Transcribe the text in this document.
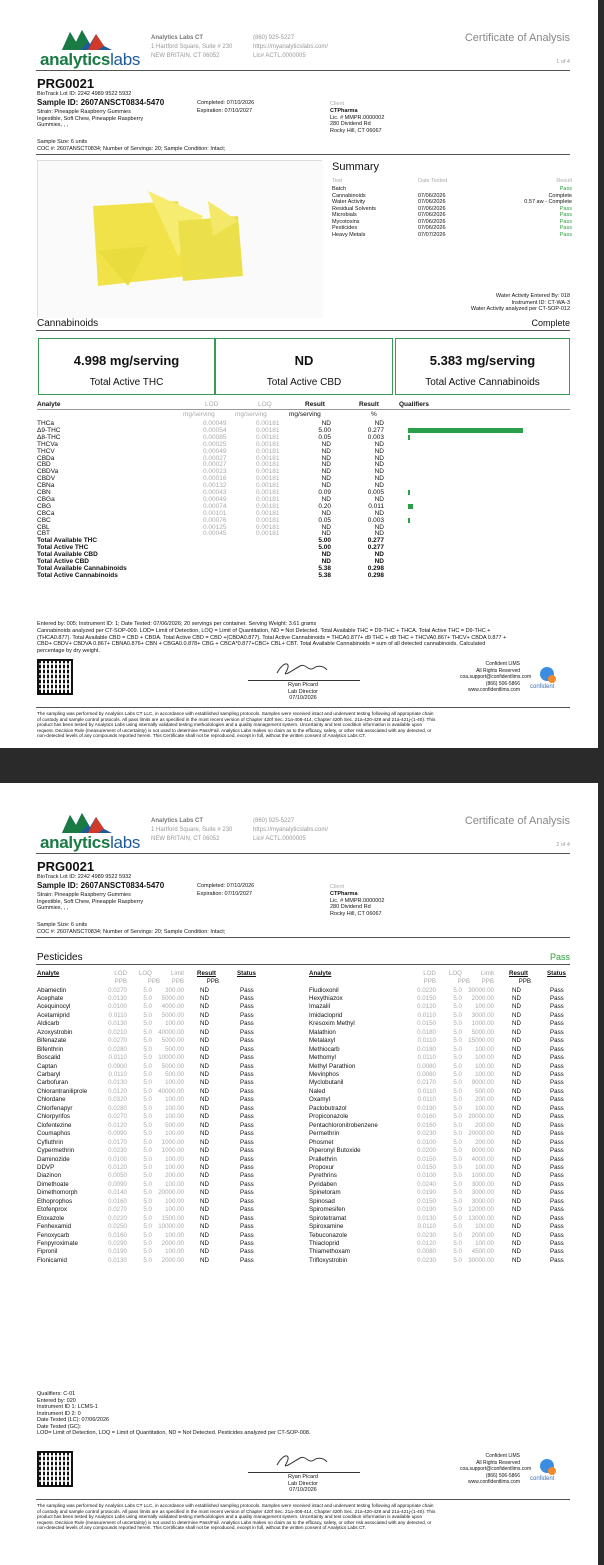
analyticslabs
Analytics Labs CT
1 Hartford Square, Suite # 230
NEW BRITAIN, CT 06052
(860) 925-5227
https://myanalyticslabs.com/
Lic# ACTL.0000005
Certificate of Analysis
1 of 4
PRG0021
BioTrack Lot ID: 2242 4989 9522 5932
Sample ID: 2607ANSCT0834-5470	Completed: 07/10/2026
Expiration: 07/10/2027
Strain: Pineapple Raspberry Gummies
Ingestible, Soft Chew, Pineapple Raspberry
Gummies, , ,
Sample Size: 6 units
COC #: 2607ANSCT0834; Number of Servings: 20; Sample Condition: Intact;
Client
CTPharma
Lic. # MMPR.0000002
280 Dividend Rd
Rocky Hill, CT 06067
Summary
Test	Date Tested	Result
Batch	Pass
Cannabinoids	07/06/2026	Complete
Water Activity	07/06/2026	0.57 aw - Complete
Residual Solvents	07/06/2026	Pass
Microbials	07/06/2026	Pass
Mycotoxins	07/06/2026	Pass
Pesticides	07/06/2026	Pass
Heavy Metals	07/07/2026	Pass
Water Activity Entered By: 018
Instrument ID: CT-WA-3
Water Activity analyzed per CT-SOP-012
Cannabinoids	Complete
4.998 mg/serving
Total Active THC
ND
Total Active CBD
5.383 mg/serving
Total Active Cannabinoids
Analyte	LOD	LOQ	Result	Result	Qualifiers
mg/serving	mg/serving	mg/serving	%
THCa	0.00049	0.00181	ND	ND
Δ9-THC	0.00054	0.00181	5.00	0.277
Δ8-THC	0.00085	0.00181	0.05	0.003
THCVa	0.00025	0.00181	ND	ND
THCV	0.00049	0.00181	ND	ND
CBDa	0.00027	0.00181	ND	ND
CBD	0.00027	0.00181	ND	ND
CBDVa	0.00023	0.00181	ND	ND
CBDV	0.00016	0.00181	ND	ND
CBNa	0.00132	0.00181	ND	ND
CBN	0.00043	0.00181	0.09	0.005
CBGa	0.00049	0.00181	ND	ND
CBG	0.00074	0.00181	0.20	0.011
CBCa	0.00101	0.00181	ND	ND
CBC	0.00076	0.00181	0.05	0.003
CBL	0.00125	0.00181	ND	ND
CBT	0.00045	0.00181	ND	ND
Total Available THC	5.00	0.277
Total Active THC	5.00	0.277
Total Available CBD	ND	ND
Total Active CBD	ND	ND
Total Available Cannabinoids	5.38	0.298
Total Active Cannabinoids	5.38	0.298
Entered by: 005; Instrument ID: 1; Date Tested: 07/06/2026; 20 servings per container. Serving Weight: 3.61 grams
Cannabinoids analyzed per CT-SOP-009. LOD= Limit of Detection, LOQ = Limit of Quantitation, ND = Not Detected. Total Available THC = D9-THC + THCA. Total Active THC = D9-THC +
(THCA0.877). Total Available CBD = CBD + CBDA. Total Active CBD = CBD +(CBDA0.877). Total Active Cannabinoids = THCA0.877+ d9 THC + d8 THC + THCVA0.867+ THCV+ CBDA 0.877 +
CBD+ CBDV+ CBDVA 0.867+ CBNA0.876+ CBN + CBGA0.0.878+ CBG + CBCA*0.877+CBC+ CBL+ CBT. Total Available Cannabinoids = sum of all detected cannabinoids. Calculated
percentage by dry weight.
Ryan Picard
Lab Director
07/10/2026
Confident LIMS
All Rights Reserved
coa.support@confidentlims.com
(866) 506-5866
www.confidentlims.com confident
The sampling was performed by Analytics Labs CT LLC, in accordance with established sampling protocols. Samples were received intact and underwent testing following all appropriate chain
of custody and sample control protocols. All pass limits are as specified in the most recent version of Chapter 420f Sec. 21a-408-414, Chapter 420h Sec. 21a-420-429 and 21a-421j-(1-40). This
product has been tested by Analytics Labs using internally validated testing methodologies and a quality management system. Uncertainty and test condition information is available upon
request. Decision Rule (measurement of uncertainty) is not used to determine Pass/Fail. Analytics Labs makes no claim as to the efficacy, safety, or other risk associated with any detected, or
non-detected levels of any compounds reported herein. This Certificate shall not be reproduced, except in full, without the written consent of Analytics Labs CT.
analyticslabs
Analytics Labs CT
1 Hartford Square, Suite # 230
NEW BRITAIN, CT 06052
(860) 925-5227
https://myanalyticslabs.com/
Lic# ACTL.0000005
Certificate of Analysis
2 of 4
PRG0021
BioTrack Lot ID: 2242 4989 9522 5932
Sample ID: 2607ANSCT0834-5470	Completed: 07/10/2026
Expiration: 07/10/2027
Strain: Pineapple Raspberry Gummies
Ingestible, Soft Chew, Pineapple Raspberry
Gummies, , ,
Sample Size: 6 units
COC #: 2607ANSCT0834; Number of Servings: 20; Sample Condition: Intact;
Client
CTPharma
Lic. # MMPR.0000002
280 Dividend Rd
Rocky Hill, CT 06067
Pesticides	Pass
Analyte	LOD LOQ	Limit Result	Status
PPB	PPB	PPB	PPB
Abamectin	0.0270	5.0	300.00	ND	Pass
Acephate	0.0130	5.0	5000.00	ND	Pass
Acequinocyl	0.0100	5.0	4000.00	ND	Pass
Acetamiprid	0.0110	5.0	5000.00	ND	Pass
Aldicarb	0.0130	5.0	100.00	ND	Pass
Azoxystrobin	0.0210	5.0 40000.00	ND	Pass
Bifenazate	0.0270	5.0	5000.00	ND	Pass
Bifenthrin	0.0280	5.0	500.00	ND	Pass
Boscalid	0.0110	5.0 10000.00	ND	Pass
Captan	0.0900	5.0	5000.00	ND	Pass
Carbaryl	0.0110	5.0	500.00	ND	Pass
Carbofuran	0.0130	5.0	100.00	ND	Pass
Chlorantraniliprole	0.0120	5.0 40000.00	ND	Pass
Chlordane	0.0320	5.0	100.00	ND	Pass
Chlorfenapyr	0.0280	5.0	100.00	ND	Pass
Chlorpyrifos	0.0270	5.0	100.00	ND	Pass
Clofentezine	0.0120	5.0	500.00	ND	Pass
Coumaphos	0.0090	5.0	100.00	ND	Pass
Cyfluthrin	0.0170	5.0	1000.00	ND	Pass
Cypermethrin	0.0230	5.0	1000.00	ND	Pass
Daminozide	0.0100	5.0	100.00	ND	Pass
DDVP	0.0120	5.0	100.00	ND	Pass
Diazinon	0.0050	5.0	200.00	ND	Pass
Dimethoate	0.0090	5.0	100.00	ND	Pass
Dimethomorph	0.0140	5.0 20000.00	ND	Pass
Ethoprophos	0.0160	5.0	100.00	ND	Pass
Etofenprox	0.0270	5.0	100.00	ND	Pass
Etoxazole	0.0220	5.0	1500.00	ND	Pass
Fenhexamid	0.0250	5.0 10000.00	ND	Pass
Fenoxycarb	0.0160	5.0	100.00	ND	Pass
Fenpyroximate	0.0290	5.0	2000.00	ND	Pass
Fipronil	0.0190	5.0	100.00	ND	Pass
Flonicamid	0.0130	5.0	2000.00	ND	Pass
Analyte	LOD LOQ	Limit Result	Status
PPB	PPB	PPB	PPB
Fludioxonil	0.0220	5.0 30000.00	ND	Pass
Hexythiazox	0.0150	5.0	2000.00	ND	Pass
Imazalil	0.0120	5.0	100.00	ND	Pass
Imidacloprid	0.0110	5.0	3000.00	ND	Pass
Kresoxim Methyl	0.0150	5.0	1000.00	ND	Pass
Malathion	0.0180	5.0	5000.00	ND	Pass
Metalaxyl	0.0110	5.0 15000.00	ND	Pass
Methiocarb	0.0180	5.0	100.00	ND	Pass
Methomyl	0.0110	5.0	100.00	ND	Pass
Methyl Parathion	0.0080	5.0	100.00	ND	Pass
Mevinphos	0.0080	5.0	100.00	ND	Pass
Myclobutanil	0.0170	5.0	9000.00	ND	Pass
Naled	0.0110	5.0	500.00	ND	Pass
Oxamyl	0.0110	5.0	200.00	ND	Pass
Paclobutrazol	0.0190	5.0	100.00	ND	Pass
Propiconazole	0.0160	5.0 20000.00	ND	Pass
Pentachloronitrobenzene	0.0160	5.0	200.00	ND	Pass
Permethrin	0.0230	5.0 20000.00	ND	Pass
Phosmet	0.0100	5.0	200.00	ND	Pass
Piperonyl Butoxide	0.0200	5.0	8000.00	ND	Pass
Prallethrin	0.0150	5.0	4000.00	ND	Pass
Propoxur	0.0150	5.0	100.00	ND	Pass
Pyrethrins	0.0100	5.0	1000.00	ND	Pass
Pyridaben	0.0240	5.0	3000.00	ND	Pass
Spinetoram	0.0190	5.0	3000.00	ND	Pass
Spinosad	0.0150	5.0	3000.00	ND	Pass
Spiromesifen	0.0190	5.0 12000.00	ND	Pass
Spirotetramat	0.0130	5.0 13000.00	ND	Pass
Spiroxamine	0.0110	5.0	100.00	ND	Pass
Tebuconazole	0.0230	5.0	2000.00	ND	Pass
Thiacloprid	0.0120	5.0	100.00	ND	Pass
Thiamethoxam	0.0080	5.0	4500.00	ND	Pass
Trifloxystrobin	0.0230	5.0 30000.00	ND	Pass
Qualifiers: C-01
Entered by: 020
Instrument ID 1: LCMS-1
Instrument ID 2: 0
Date Tested (LC): 07/06/2026
Date Tested (GC):
LOD= Limit of Detection, LOQ = Limit of Quantitation, ND = Not Detected. Pesticides analyzed per CT-SOP-008.
Ryan Picard
Lab Director
07/10/2026
Confident LIMS
All Rights Reserved
coa.support@confidentlims.com
(866) 506-5866
www.confidentlims.com confident
The sampling was performed by Analytics Labs CT LLC, in accordance with established sampling protocols. Samples were received intact and underwent testing following all appropriate chain
of custody and sample control protocols. All pass limits are as specified in the most recent version of Chapter 420f Sec. 21a-408-414, Chapter 420h Sec. 21a-420-429 and 21a-421j-(1-40). This
product has been tested by Analytics Labs using internally validated testing methodologies and a quality management system. Uncertainty and test condition information is available upon
request. Decision Rule (measurement of uncertainty) is not used to determine Pass/Fail. Analytics Labs makes no claim as to the efficacy, safety, or other risk associated with any detected, or
non-detected levels of any compounds reported herein. This Certificate shall not be reproduced, except in full, without the written consent of Analytics Labs CT.
